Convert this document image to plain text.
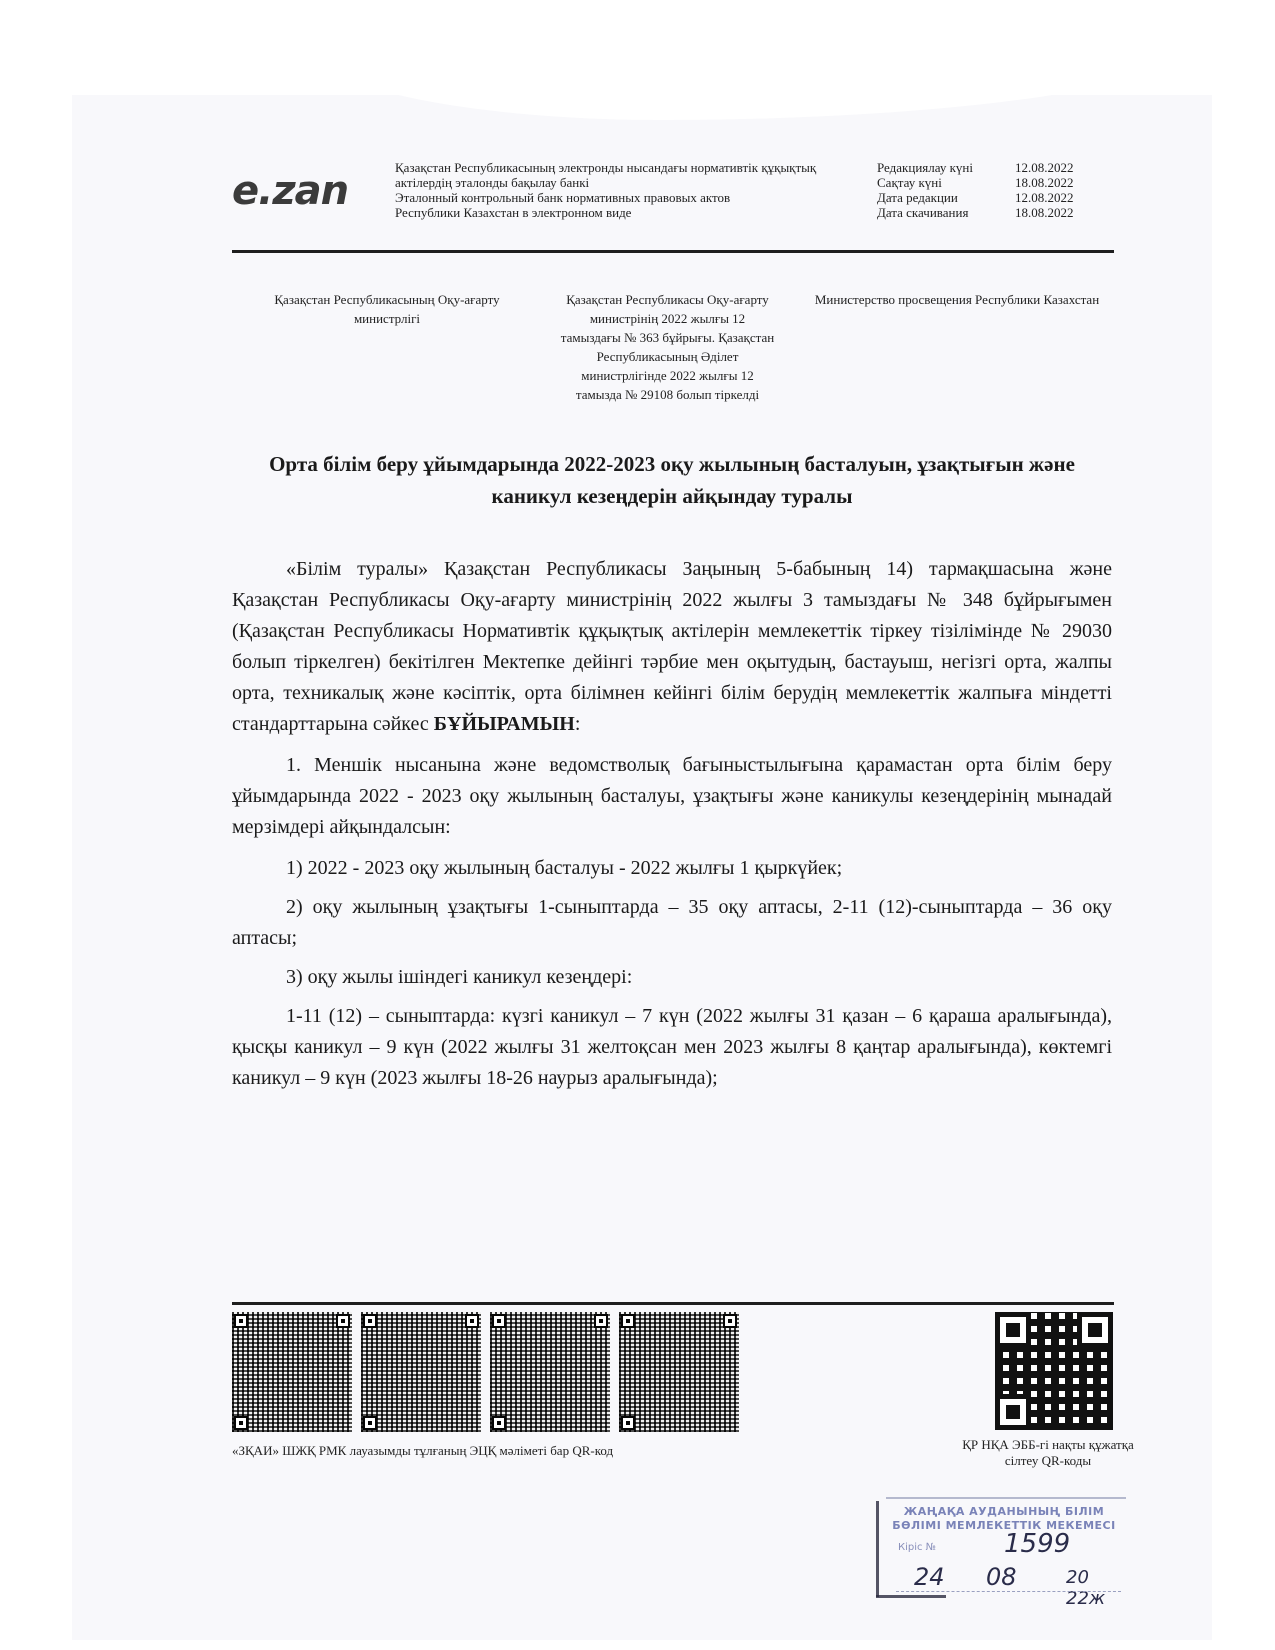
e.zan
Қазақстан Республикасының электронды нысандағы нормативтік құқықтық
актілердің эталонды бақылау банкі
Эталонный контрольный банк нормативных правовых актов
Республики Казахстан в электронном виде
Редакциялау күні	12.08.2022
Сақтау күні	18.08.2022
Дата редакции	12.08.2022
Дата скачивания	18.08.2022
Қазақстан Республикасының Оқу-ағарту министрлігі
Қазақстан Республикасы Оқу-ағарту министрінің 2022 жылғы 12 тамыздағы № 363 бұйрығы. Қазақстан Республикасының Әділет министрлігінде 2022 жылғы 12 тамызда № 29108 болып тіркелді
Министерство просвещения Республики Казахстан
Орта білім беру ұйымдарында 2022-2023 оқу жылының басталуын, ұзақтығын және каникул кезеңдерін айқындау туралы

«Білім туралы» Қазақстан Республикасы Заңының 5-бабының 14) тармақшасына және Қазақстан Республикасы Оқу-ағарту министрінің 2022 жылғы 3 тамыздағы № 348 бұйрығымен (Қазақстан Республикасы Нормативтік құқықтық актілерін мемлекеттік тіркеу тізілімінде № 29030 болып тіркелген) бекітілген Мектепке дейінгі тәрбие мен оқытудың, бастауыш, негізгі орта, жалпы орта, техникалық және кәсіптік, орта білімнен кейінгі білім берудің мемлекеттік жалпыға міндетті стандарттарына сәйкес БҰЙЫРАМЫН:

1. Меншік нысанына және ведомстволық бағыныстылығына қарамастан орта білім беру ұйымдарында 2022 - 2023 оқу жылының басталуы, ұзақтығы және каникулы кезеңдерінің мынадай мерзімдері айқындалсын:

1) 2022 - 2023 оқу жылының басталуы - 2022 жылғы 1 қыркүйек;

2) оқу жылының ұзақтығы 1-сыныптарда – 35 оқу аптасы, 2-11 (12)-сыныптарда – 36 оқу аптасы;

3) оқу жылы ішіндегі каникул кезеңдері:

1-11 (12) – сыныптарда: күзгі каникул – 7 күн (2022 жылғы 31 қазан – 6 қараша аралығында), қысқы каникул – 9 күн (2022 жылғы 31 желтоқсан мен 2023 жылғы 8 қаңтар аралығында), көктемгі каникул – 9 күн (2023 жылғы 18-26 наурыз аралығында);

«ЗҚАИ» ШЖҚ РМК лауазымды тұлғаның ЭЦҚ мәліметі бар QR-код	ҚР НҚА ЭББ-гі нақты құжатқа сілтеу QR-коды
ЖАҢАҚА АУДАНЫНЫҢ БІЛІМ БӨЛІМІ МЕМЛЕКЕТТІК МЕКЕМЕСІ
Кіріс №	1599
24 08	20 22ж
